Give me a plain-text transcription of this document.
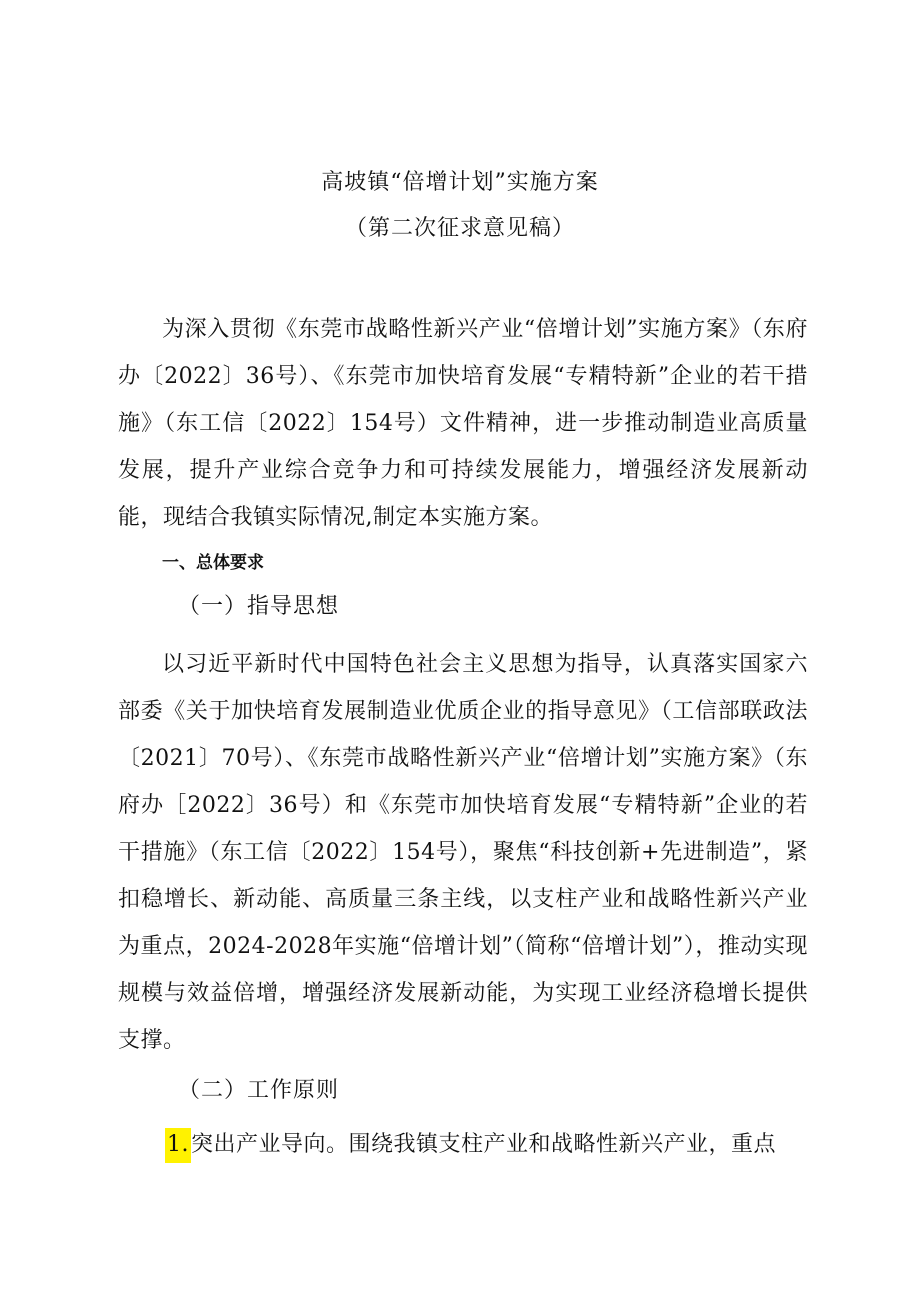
高坡镇“倍增计划”实施方案
（第二次征求意见稿）
为深入贯彻《东莞市战略性新兴产业“倍增计划”实施方案》（东府办〔2022〕36号）、《东莞市加快培育发展“专精特新”企业的若干措施》（东工信〔2022〕154号）文件精神，进一步推动制造业高质量发展，提升产业综合竞争力和可持续发展能力，增强经济发展新动能，现结合我镇实际情况,制定本实施方案。
一、总体要求
（一）指导思想
以习近平新时代中国特色社会主义思想为指导，认真落实国家六部委《关于加快培育发展制造业优质企业的指导意见》（工信部联政法〔2021〕70号）、《东莞市战略性新兴产业“倍增计划”实施方案》（东府办［2022〕36号）和《东莞市加快培育发展“专精特新”企业的若干措施》（东工信〔2022〕154号），聚焦“科技创新+先进制造”，紧扣稳增长、新动能、高质量三条主线，以支柱产业和战略性新兴产业为重点，2024-2028年实施“倍增计划”（简称“倍增计划”），推动实现规模与效益倍增，增强经济发展新动能，为实现工业经济稳增长提供支撑。
（二）工作原则
1.突出产业导向。围绕我镇支柱产业和战略性新兴产业，重点
